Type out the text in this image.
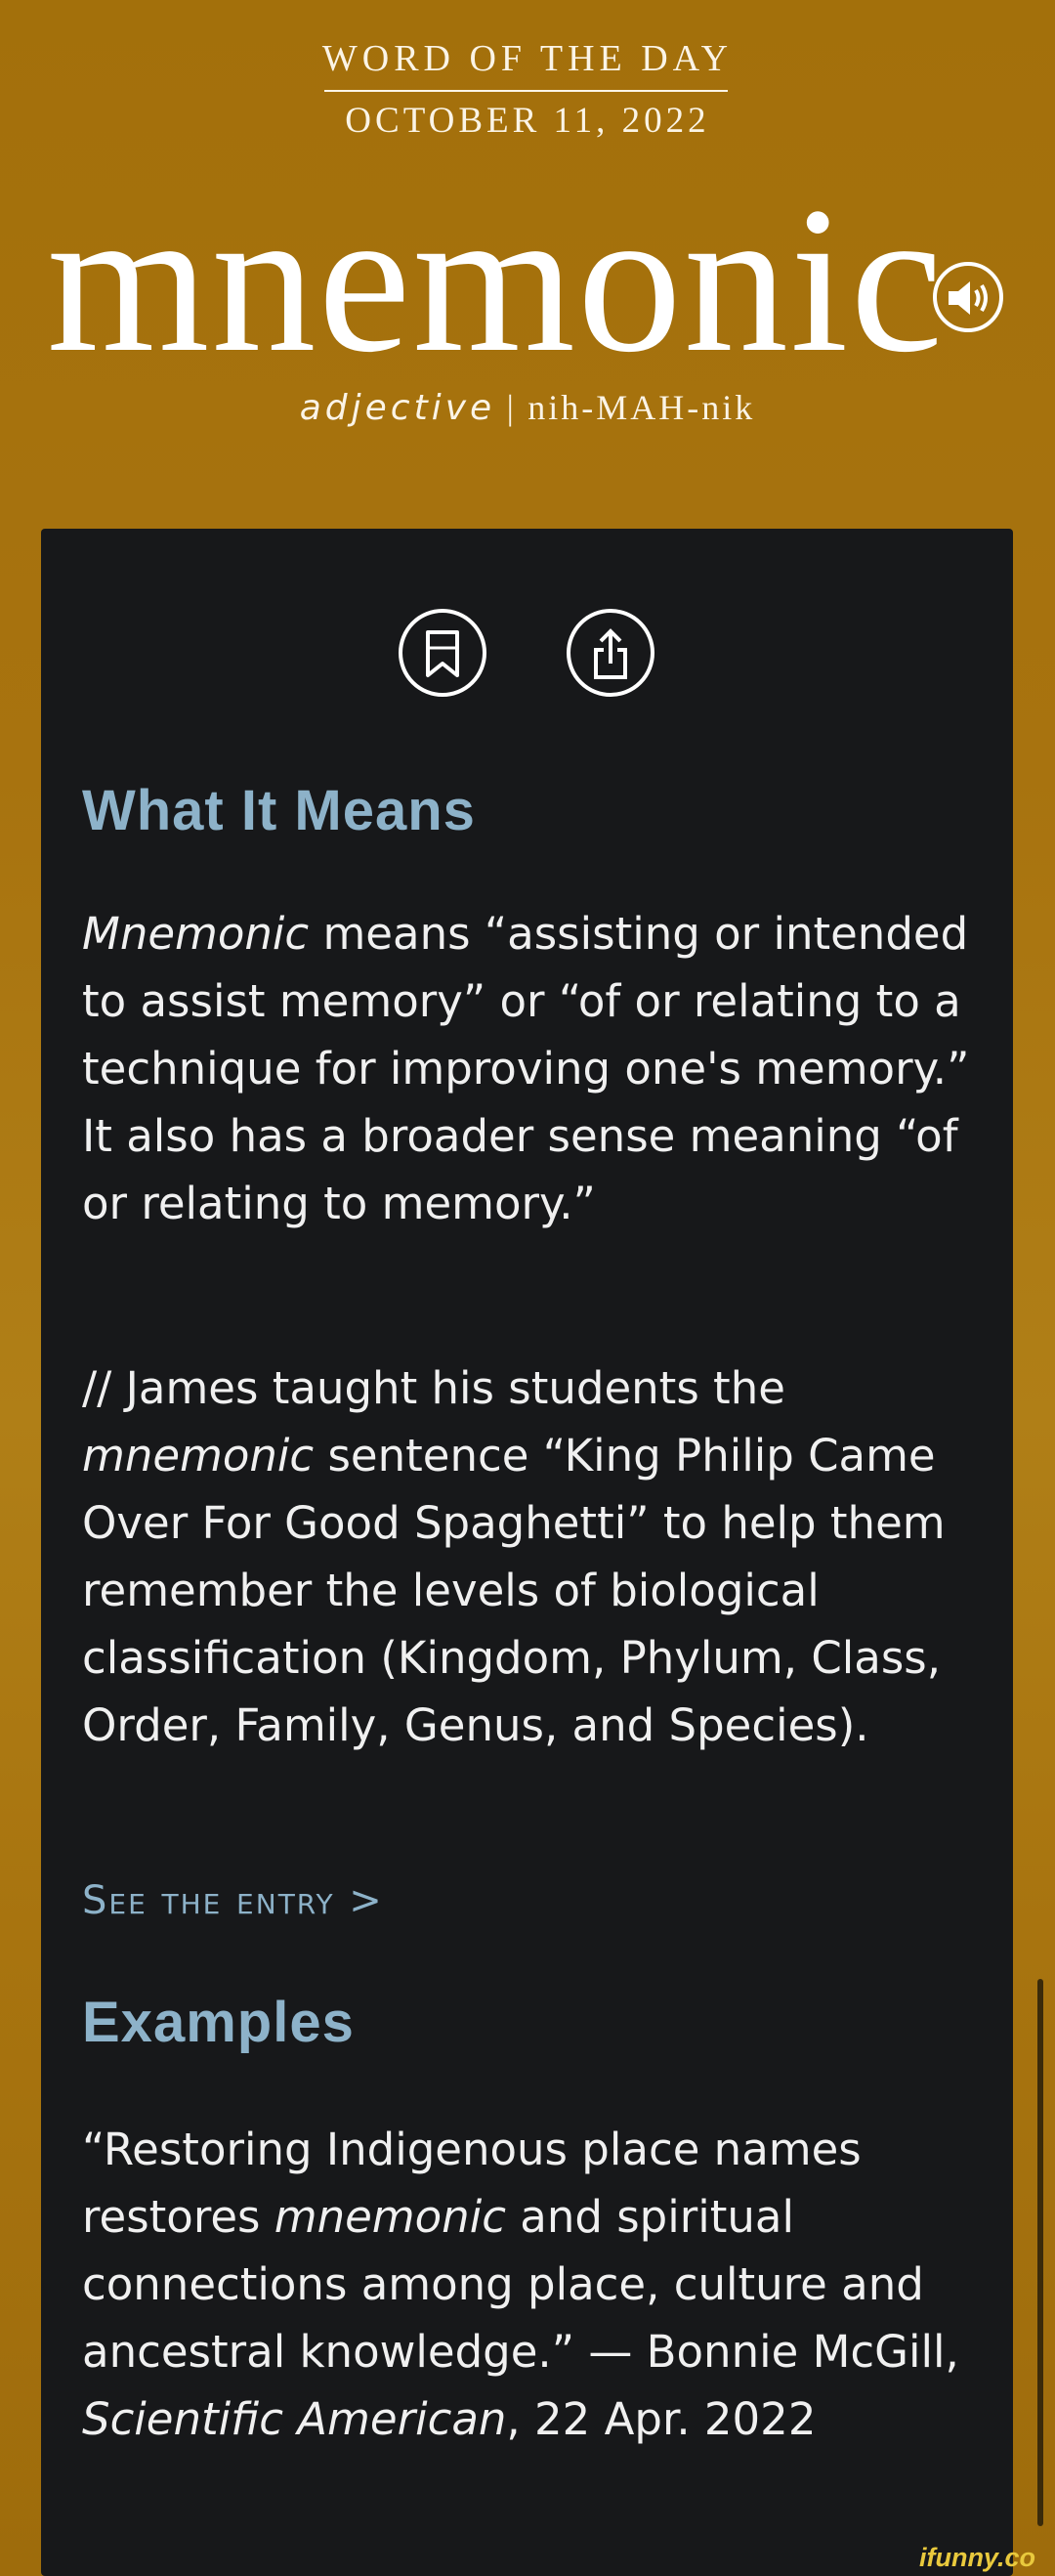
WORD OF THE DAY
OCTOBER 11, 2022
mnemonic
adjective | nih-MAH-nik
What It Means

Mnemonic means “assisting or intended to assist memory” or “of or relating to a technique for improving one's memory.” It also has a broader sense meaning “of or relating to memory.”

// James taught his students the mnemonic sentence “King Philip Came Over For Good Spaghetti” to help them remember the levels of biological classification (Kingdom, Phylum, Class, Order, Family, Genus, and Species).

See the entry >
Examples

“Restoring Indigenous place names restores mnemonic and spiritual connections among place, culture and ancestral knowledge.” — Bonnie McGill, Scientific American, 22 Apr. 2022

ifunny.co
